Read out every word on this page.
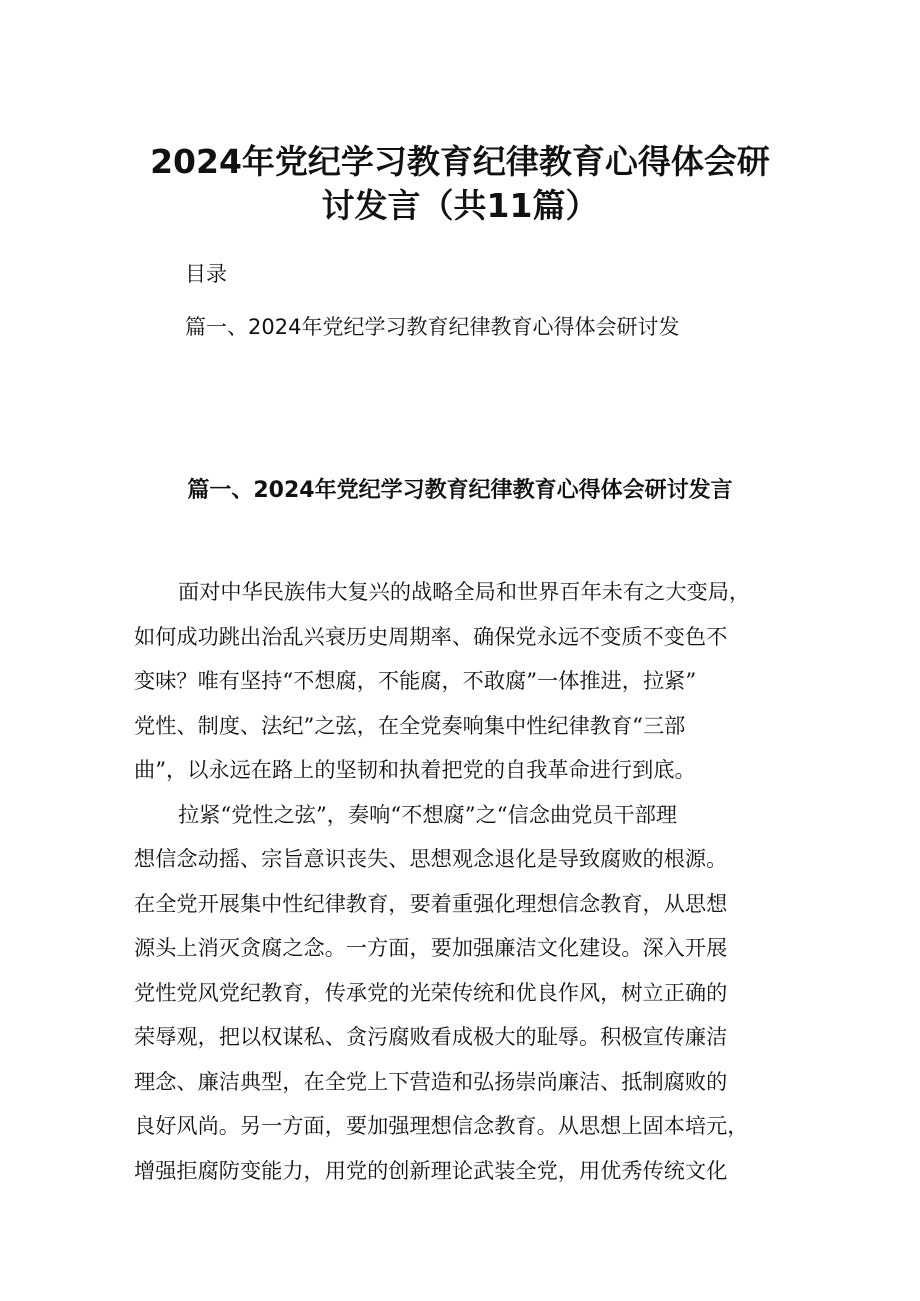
2024年党纪学习教育纪律教育心得体会研
讨发言（共11篇）
目录
篇一、2024年党纪学习教育纪律教育心得体会研讨发
篇一、2024年党纪学习教育纪律教育心得体会研讨发言

面对中华民族伟大复兴的战略全局和世界百年未有之大变局，
如何成功跳出治乱兴衰历史周期率、确保党永远不变质不变色不
变味？唯有坚持“不想腐，不能腐，不敢腐”一体推进，拉紧”
党性、制度、法纪”之弦，在全党奏响集中性纪律教育“三部
曲”，以永远在路上的坚韧和执着把党的自我革命进行到底。

拉紧“党性之弦”，奏响“不想腐”之“信念曲党员干部理
想信念动摇、宗旨意识丧失、思想观念退化是导致腐败的根源。
在全党开展集中性纪律教育，要着重强化理想信念教育，从思想
源头上消灭贪腐之念。一方面，要加强廉洁文化建设。深入开展
党性党风党纪教育，传承党的光荣传统和优良作风，树立正确的
荣辱观，把以权谋私、贪污腐败看成极大的耻辱。积极宣传廉洁
理念、廉洁典型，在全党上下营造和弘扬崇尚廉洁、抵制腐败的
良好风尚。另一方面，要加强理想信念教育。从思想上固本培元，
增强拒腐防变能力，用党的创新理论武装全党，用优秀传统文化
